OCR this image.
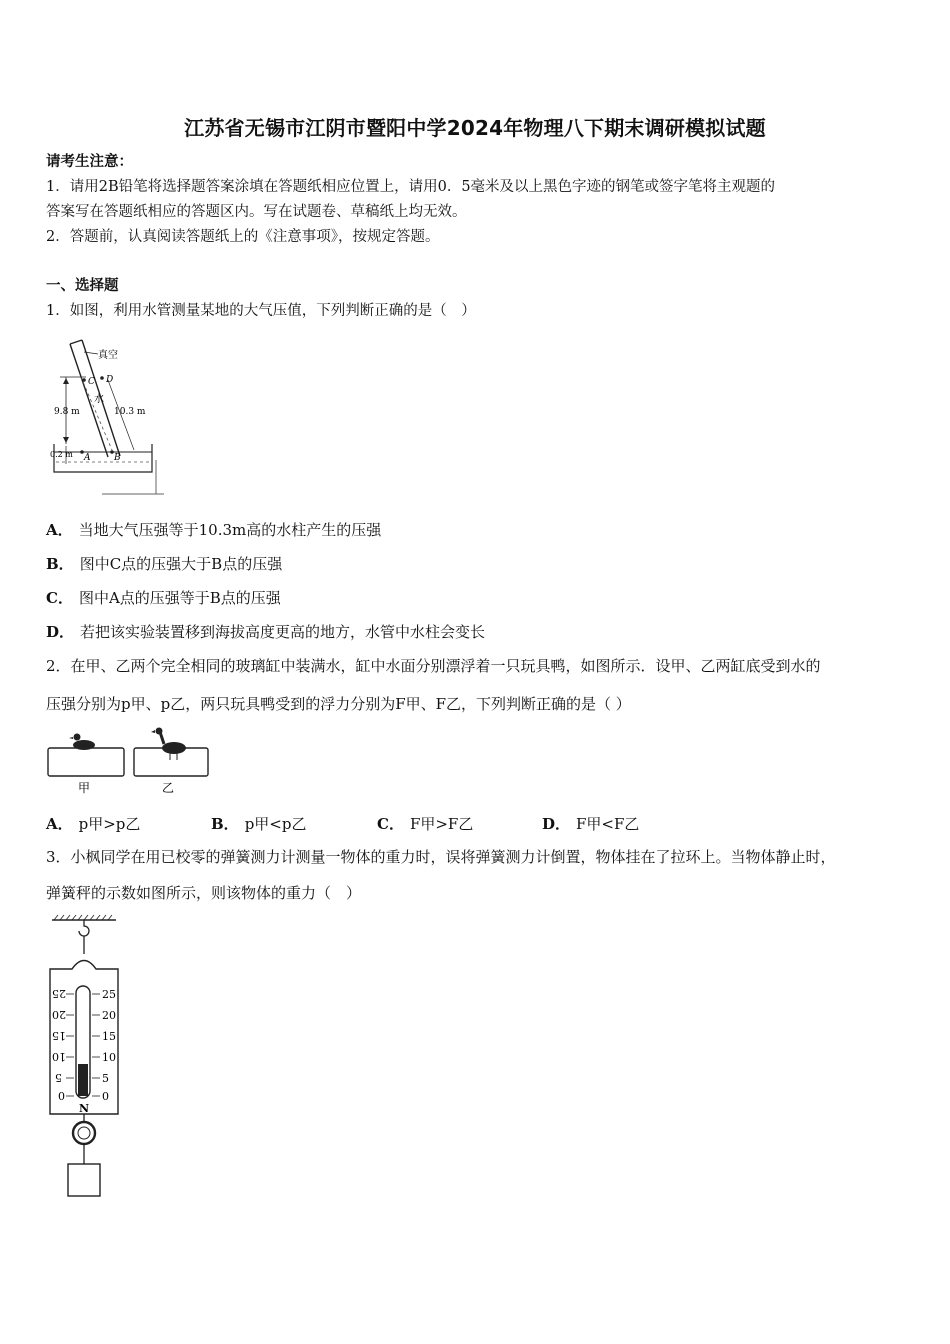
江苏省无锡市江阴市暨阳中学2024年物理八下期末调研模拟试题
请考生注意：
1．请用2B铅笔将选择题答案涂填在答题纸相应位置上，请用0．5毫米及以上黑色字迹的钢笔或签字笔将主观题的
答案写在答题纸相应的答题区内。写在试题卷、草稿纸上均无效。
2．答题前，认真阅读答题纸上的《注意事项》，按规定答题。
一、选择题
1．如图，利用水管测量某地的大气压值，下列判断正确的是（　）
真空
9.8 m	10.3 m
C D
水
A	B
0.2 m
A． 当地大气压强等于10.3m高的水柱产生的压强
B． 图中C点的压强大于B点的压强
C． 图中A点的压强等于B点的压强
D． 若把该实验装置移到海拔高度更高的地方，水管中水柱会变长
2．在甲、乙两个完全相同的玻璃缸中装满水，缸中水面分别漂浮着一只玩具鸭，如图所示．设甲、乙两缸底受到水的
压强分别为p甲、p乙，两只玩具鸭受到的浮力分别为F甲、F乙，下列判断正确的是（ ）
甲	乙
A． p甲>p乙	B． p甲<p乙	C． F甲>F乙	D． F甲<F乙
3．小枫同学在用已校零的弹簧测力计测量一物体的重力时，误将弹簧测力计倒置，物体挂在了拉环上。当物体静止时，
弹簧秤的示数如图所示，则该物体的重力（　）
25
20
15
10
5
0
25
20
15
10
5
0
N
